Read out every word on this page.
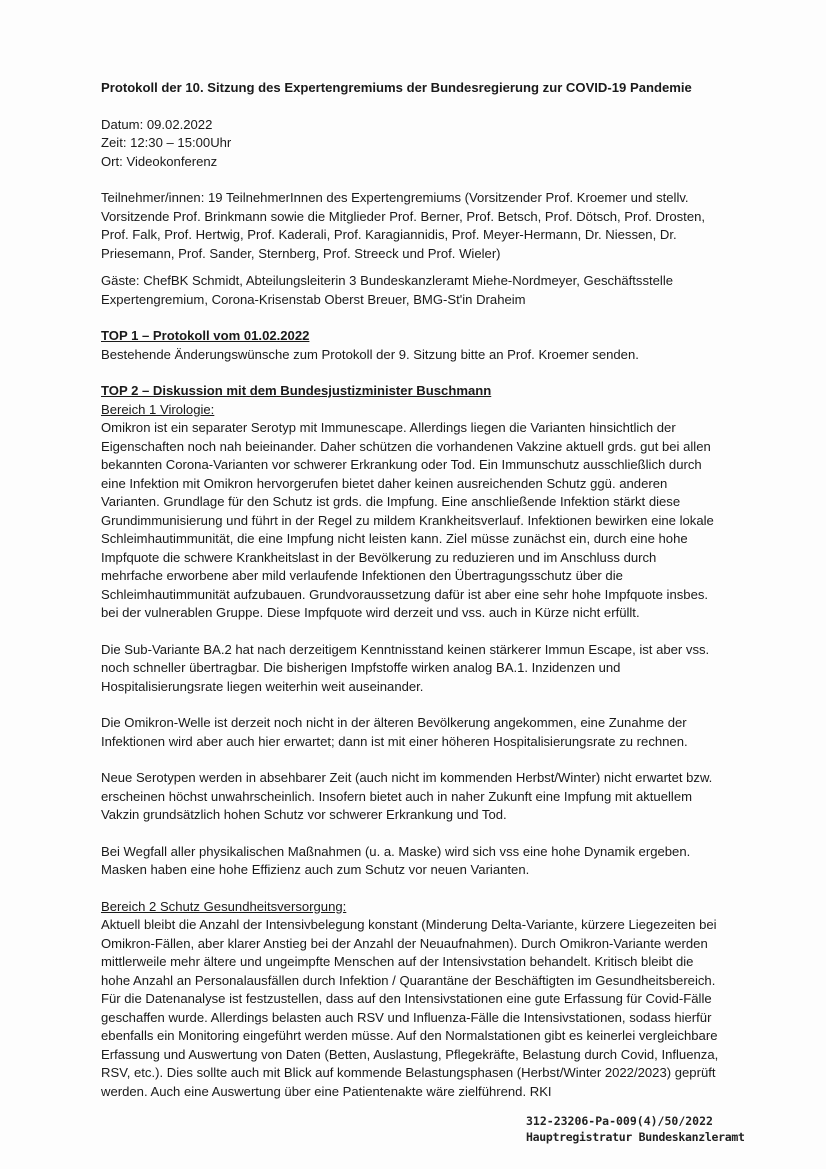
Protokoll der 10. Sitzung des Expertengremiums der Bundesregierung zur COVID-19 Pandemie
Datum: 09.02.2022
Zeit: 12:30 – 15:00Uhr
Ort: Videokonferenz

Teilnehmer/innen: 19 TeilnehmerInnen des Expertengremiums (Vorsitzender Prof. Kroemer und stellv. Vorsitzende Prof. Brinkmann sowie die Mitglieder Prof. Berner, Prof. Betsch, Prof. Dötsch, Prof. Drosten, Prof. Falk, Prof. Hertwig, Prof. Kaderali, Prof. Karagiannidis, Prof. Meyer-Hermann, Dr. Niessen, Dr. Priesemann, Prof. Sander, Sternberg, Prof. Streeck und Prof. Wieler)

Gäste: ChefBK Schmidt, Abteilungsleiterin 3 Bundeskanzleramt Miehe-Nordmeyer, Geschäftsstelle Expertengremium, Corona-Krisenstab Oberst Breuer, BMG-St'in Draheim

TOP 1 – Protokoll vom 01.02.2022

Bestehende Änderungswünsche zum Protokoll der 9. Sitzung bitte an Prof. Kroemer senden.

TOP 2 – Diskussion mit dem Bundesjustizminister Buschmann
Bereich 1 Virologie:

Omikron ist ein separater Serotyp mit Immunescape. Allerdings liegen die Varianten hinsichtlich der Eigenschaften noch nah beieinander. Daher schützen die vorhandenen Vakzine aktuell grds. gut bei allen bekannten Corona-Varianten vor schwerer Erkrankung oder Tod. Ein Immunschutz ausschließlich durch eine Infektion mit Omikron hervorgerufen bietet daher keinen ausreichenden Schutz ggü. anderen Varianten. Grundlage für den Schutz ist grds. die Impfung. Eine anschließende Infektion stärkt diese Grundimmunisierung und führt in der Regel zu mildem Krankheitsverlauf. Infektionen bewirken eine lokale Schleimhautimmunität, die eine Impfung nicht leisten kann. Ziel müsse zunächst ein, durch eine hohe Impfquote die schwere Krankheitslast in der Bevölkerung zu reduzieren und im Anschluss durch mehrfache erworbene aber mild verlaufende Infektionen den Übertragungsschutz über die Schleimhautimmunität aufzubauen. Grundvoraussetzung dafür ist aber eine sehr hohe Impfquote insbes. bei der vulnerablen Gruppe. Diese Impfquote wird derzeit und vss. auch in Kürze nicht erfüllt.

Die Sub-Variante BA.2 hat nach derzeitigem Kenntnisstand keinen stärkerer Immun Escape, ist aber vss. noch schneller übertragbar. Die bisherigen Impfstoffe wirken analog BA.1. Inzidenzen und Hospitalisierungsrate liegen weiterhin weit auseinander.

Die Omikron-Welle ist derzeit noch nicht in der älteren Bevölkerung angekommen, eine Zunahme der Infektionen wird aber auch hier erwartet; dann ist mit einer höheren Hospitalisierungsrate zu rechnen.

Neue Serotypen werden in absehbarer Zeit (auch nicht im kommenden Herbst/Winter) nicht erwartet bzw. erscheinen höchst unwahrscheinlich. Insofern bietet auch in naher Zukunft eine Impfung mit aktuellem Vakzin grundsätzlich hohen Schutz vor schwerer Erkrankung und Tod.

Bei Wegfall aller physikalischen Maßnahmen (u. a. Maske) wird sich vss eine hohe Dynamik ergeben. Masken haben eine hohe Effizienz auch zum Schutz vor neuen Varianten.

Bereich 2 Schutz Gesundheitsversorgung:

Aktuell bleibt die Anzahl der Intensivbelegung konstant (Minderung Delta-Variante, kürzere Liegezeiten bei Omikron-Fällen, aber klarer Anstieg bei der Anzahl der Neuaufnahmen). Durch Omikron-Variante werden mittlerweile mehr ältere und ungeimpfte Menschen auf der Intensivstation behandelt. Kritisch bleibt die hohe Anzahl an Personalausfällen durch Infektion / Quarantäne der Beschäftigten im Gesundheitsbereich.

Für die Datenanalyse ist festzustellen, dass auf den Intensivstationen eine gute Erfassung für Covid-Fälle geschaffen wurde. Allerdings belasten auch RSV und Influenza-Fälle die Intensivstationen, sodass hierfür ebenfalls ein Monitoring eingeführt werden müsse. Auf den Normalstationen gibt es keinerlei vergleichbare Erfassung und Auswertung von Daten (Betten, Auslastung, Pflegekräfte, Belastung durch Covid, Influenza, RSV, etc.). Dies sollte auch mit Blick auf kommende Belastungsphasen (Herbst/Winter 2022/2023) geprüft werden. Auch eine Auswertung über eine Patientenakte wäre zielführend. RKI

312-23206-Pa-009(4)/50/2022
Hauptregistratur Bundeskanzleramt
